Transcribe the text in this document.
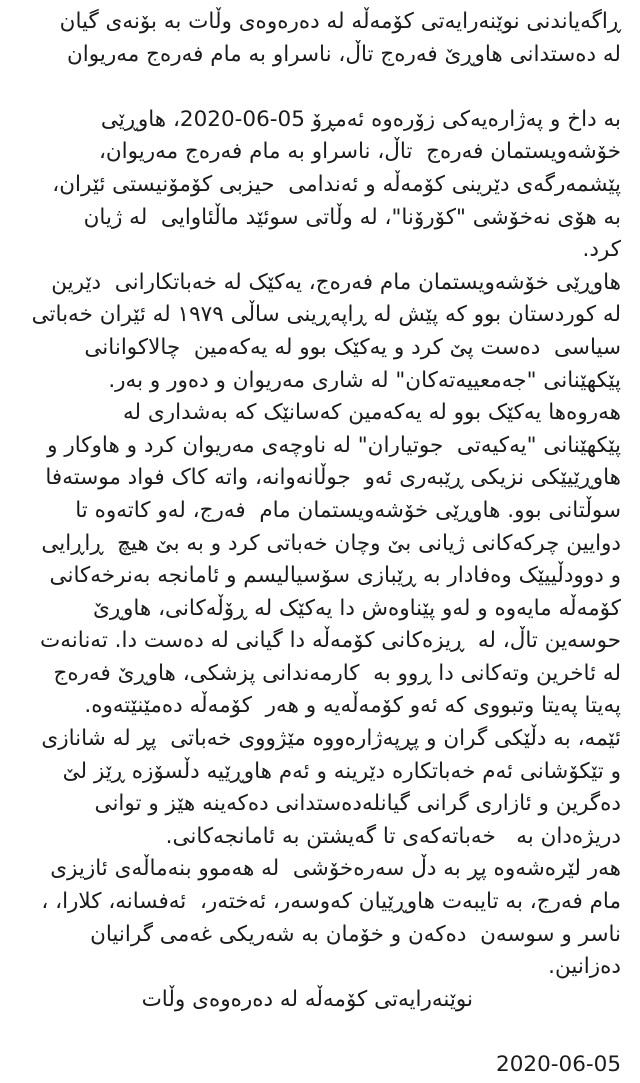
ڕاگەیاندنی نوێنەرایەتی کۆمەڵە لە دەرەوەی وڵات بە بۆنەی گیان
لە دەستدانی هاوڕێ فەرەج تاڵ، ناسراو بە مام فەرەج مەریوان
بە داخ و پەژارەیەکی زۆرەوە ئەمڕۆ 05-06-2020، هاوڕێی
خۆشەویستمان فەرەج  تاڵ، ناسراو بە مام فەرەج مەریوان،
پێشمەرگەی دێرینی کۆمەڵە و ئەندامی  حیزبی کۆمۆنیستی ئێران،
بە هۆی نەخۆشی "کۆرۆنا"، لە وڵاتی سوئێد ماڵئاوایی  لە ژیان
کرد.
هاوڕێی خۆشەویستمان مام فەرەج، یەکێک لە خەباتکارانی  دێرین
لە کوردستان بوو کە پێش لە ڕاپەڕینی ساڵی ١٩٧٩ لە ئێران خەباتی
سیاسی  دەست پێ کرد و یەکێک بوو لە یەکەمین  چالاکوانانی
پێکهێنانی "جەمعییەتەکان" لە شاری مەریوان و دەور و بەر.
هەروەها یەکێک بوو لە یەکەمین کەسانێک کە بەشداری لە
پێکهێنانی "یەکیەتی  جوتیاران" لە ناوچەی مەریوان کرد و هاوکار و
هاوڕێیێکی نزیکی ڕێبەری ئەو  جوڵانەوانە، واتە کاک فواد موستەفا
سوڵتانی بوو. هاوڕێی خۆشەویستمان مام  فەرج، لەو کاتەوە تا
دوایین چرکەکانی ژیانی بێ وچان خەباتی کرد و بە بێ هیچ  ڕاڕایی
و دوودڵییێک وەفادار بە ڕێبازی سۆسیالیسم و ئامانجە بەنرخەکانی
کۆمەڵە مایەوە و لەو پێناوەش دا یەکێک لە ڕۆڵەکانی، هاوڕێ
حوسەین تاڵ، لە  ڕیزەکانی کۆمەڵە دا گیانی لە دەست دا. تەنانەت
لە ئاخرین وتەکانی دا ڕوو بە  کارمەندانی پزشکی، هاوڕێ فەرەج
پەیتا پەیتا وتبووی کە ئەو کۆمەڵەیە و هەر  کۆمەڵە دەمێنێتەوە.
ئێمە، بە دڵێکی گران و پڕپەژارەووە مێژووی خەباتی  پڕ لە شانازی
و تێکۆشانی ئەم خەباتکارە دێرینە و ئەم هاوڕێیە دڵسۆزە ڕێز لێ
دەگرین و ئازاری گرانی گیانلەدەستدانی دەکەینە هێز و توانی
دریژەدان بە   خەباتەکەی تا گەیشتن بە ئامانجەکانی.
هەر لێرەشەوە پڕ بە دڵ سەرەخۆشی  لە هەموو بنەماڵەی ئازیزی
مام فەرج، بە تایبەت هاوڕێیان کەوسەر، ئەختەر،  ئەفسانە، کلارا، ،
ناسر و سوسەن  دەکەن و خۆمان بە شەریکی غەمی گرانیان
دەزانین.
نوێنەرایەتی کۆمەڵە لە دەرەوەی وڵات
2020-06-05
